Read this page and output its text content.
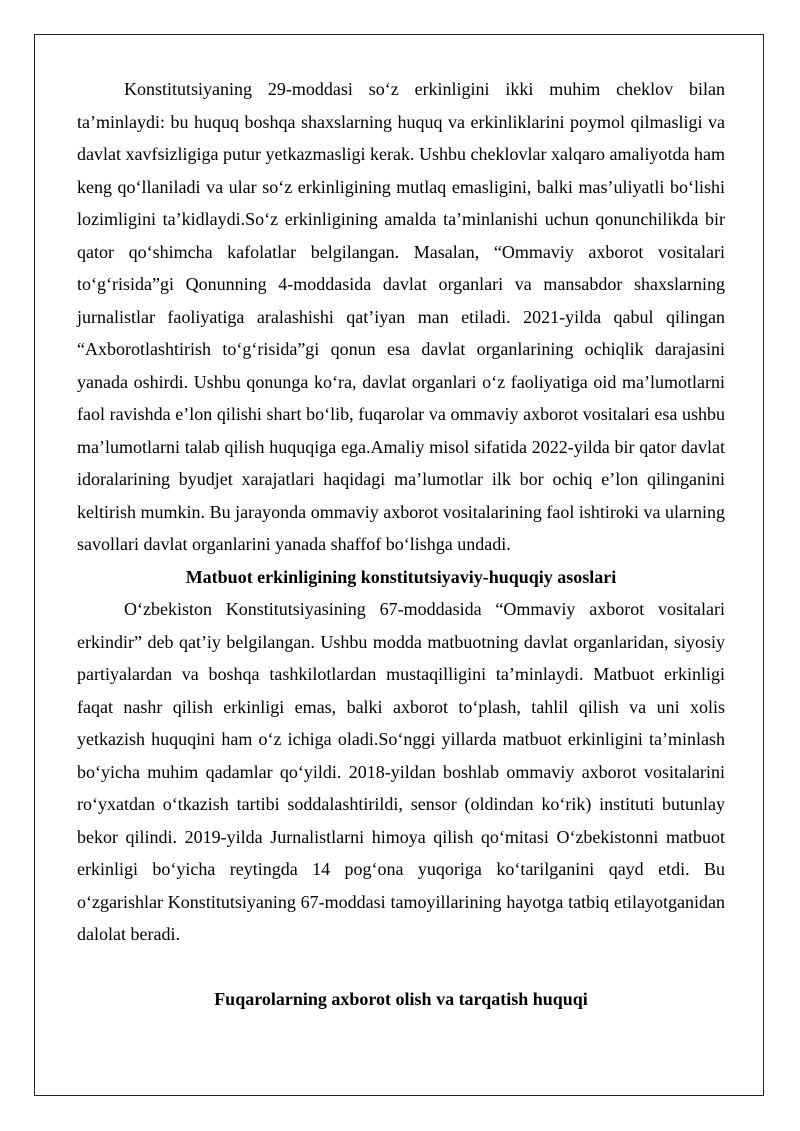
Konstitutsiyaning 29-moddasi so‘z erkinligini ikki muhim cheklov bilan ta’minlaydi: bu huquq boshqa shaxslarning huquq va erkinliklarini poymol qilmasligi va davlat xavfsizligiga putur yetkazmasligi kerak. Ushbu cheklovlar xalqaro amaliyotda ham keng qo‘llaniladi va ular so‘z erkinligining mutlaq emasligini, balki mas’uliyatli bo‘lishi lozimligini ta’kidlaydi.So‘z erkinligining amalda ta’minlanishi uchun qonunchilikda bir qator qo‘shimcha kafolatlar belgilangan. Masalan, “Ommaviy axborot vositalari to‘g‘risida”gi Qonunning 4-moddasida davlat organlari va mansabdor shaxslarning jurnalistlar faoliyatiga aralashishi qat’iyan man etiladi. 2021-yilda qabul qilingan “Axborotlashtirish to‘g‘risida”gi qonun esa davlat organlarining ochiqlik darajasini yanada oshirdi. Ushbu qonunga ko‘ra, davlat organlari o‘z faoliyatiga oid ma’lumotlarni faol ravishda e’lon qilishi shart bo‘lib, fuqarolar va ommaviy axborot vositalari esa ushbu ma’lumotlarni talab qilish huquqiga ega.Amaliy misol sifatida 2022-yilda bir qator davlat idoralarining byudjet xarajatlari haqidagi ma’lumotlar ilk bor ochiq e’lon qilinganini keltirish mumkin. Bu jarayonda ommaviy axborot vositalarining faol ishtiroki va ularning savollari davlat organlarini yanada shaffof bo‘lishga undadi.

Matbuot erkinligining konstitutsiyaviy-huquqiy asoslari

O‘zbekiston Konstitutsiyasining 67-moddasida “Ommaviy axborot vositalari erkindir” deb qat’iy belgilangan. Ushbu modda matbuotning davlat organlaridan, siyosiy partiyalardan va boshqa tashkilotlardan mustaqilligini ta’minlaydi. Matbuot erkinligi faqat nashr qilish erkinligi emas, balki axborot to‘plash, tahlil qilish va uni xolis yetkazish huquqini ham o‘z ichiga oladi.So‘nggi yillarda matbuot erkinligini ta’minlash bo‘yicha muhim qadamlar qo‘yildi. 2018-yildan boshlab ommaviy axborot vositalarini ro‘yxatdan o‘tkazish tartibi soddalashtirildi, sensor (oldindan ko‘rik) instituti butunlay bekor qilindi. 2019-yilda Jurnalistlarni himoya qilish qo‘mitasi O‘zbekistonni matbuot erkinligi bo‘yicha reytingda 14 pog‘ona yuqoriga ko‘tarilganini qayd etdi. Bu o‘zgarishlar Konstitutsiyaning 67-moddasi tamoyillarining hayotga tatbiq etilayotganidan dalolat beradi.

Fuqarolarning axborot olish va tarqatish huquqi
